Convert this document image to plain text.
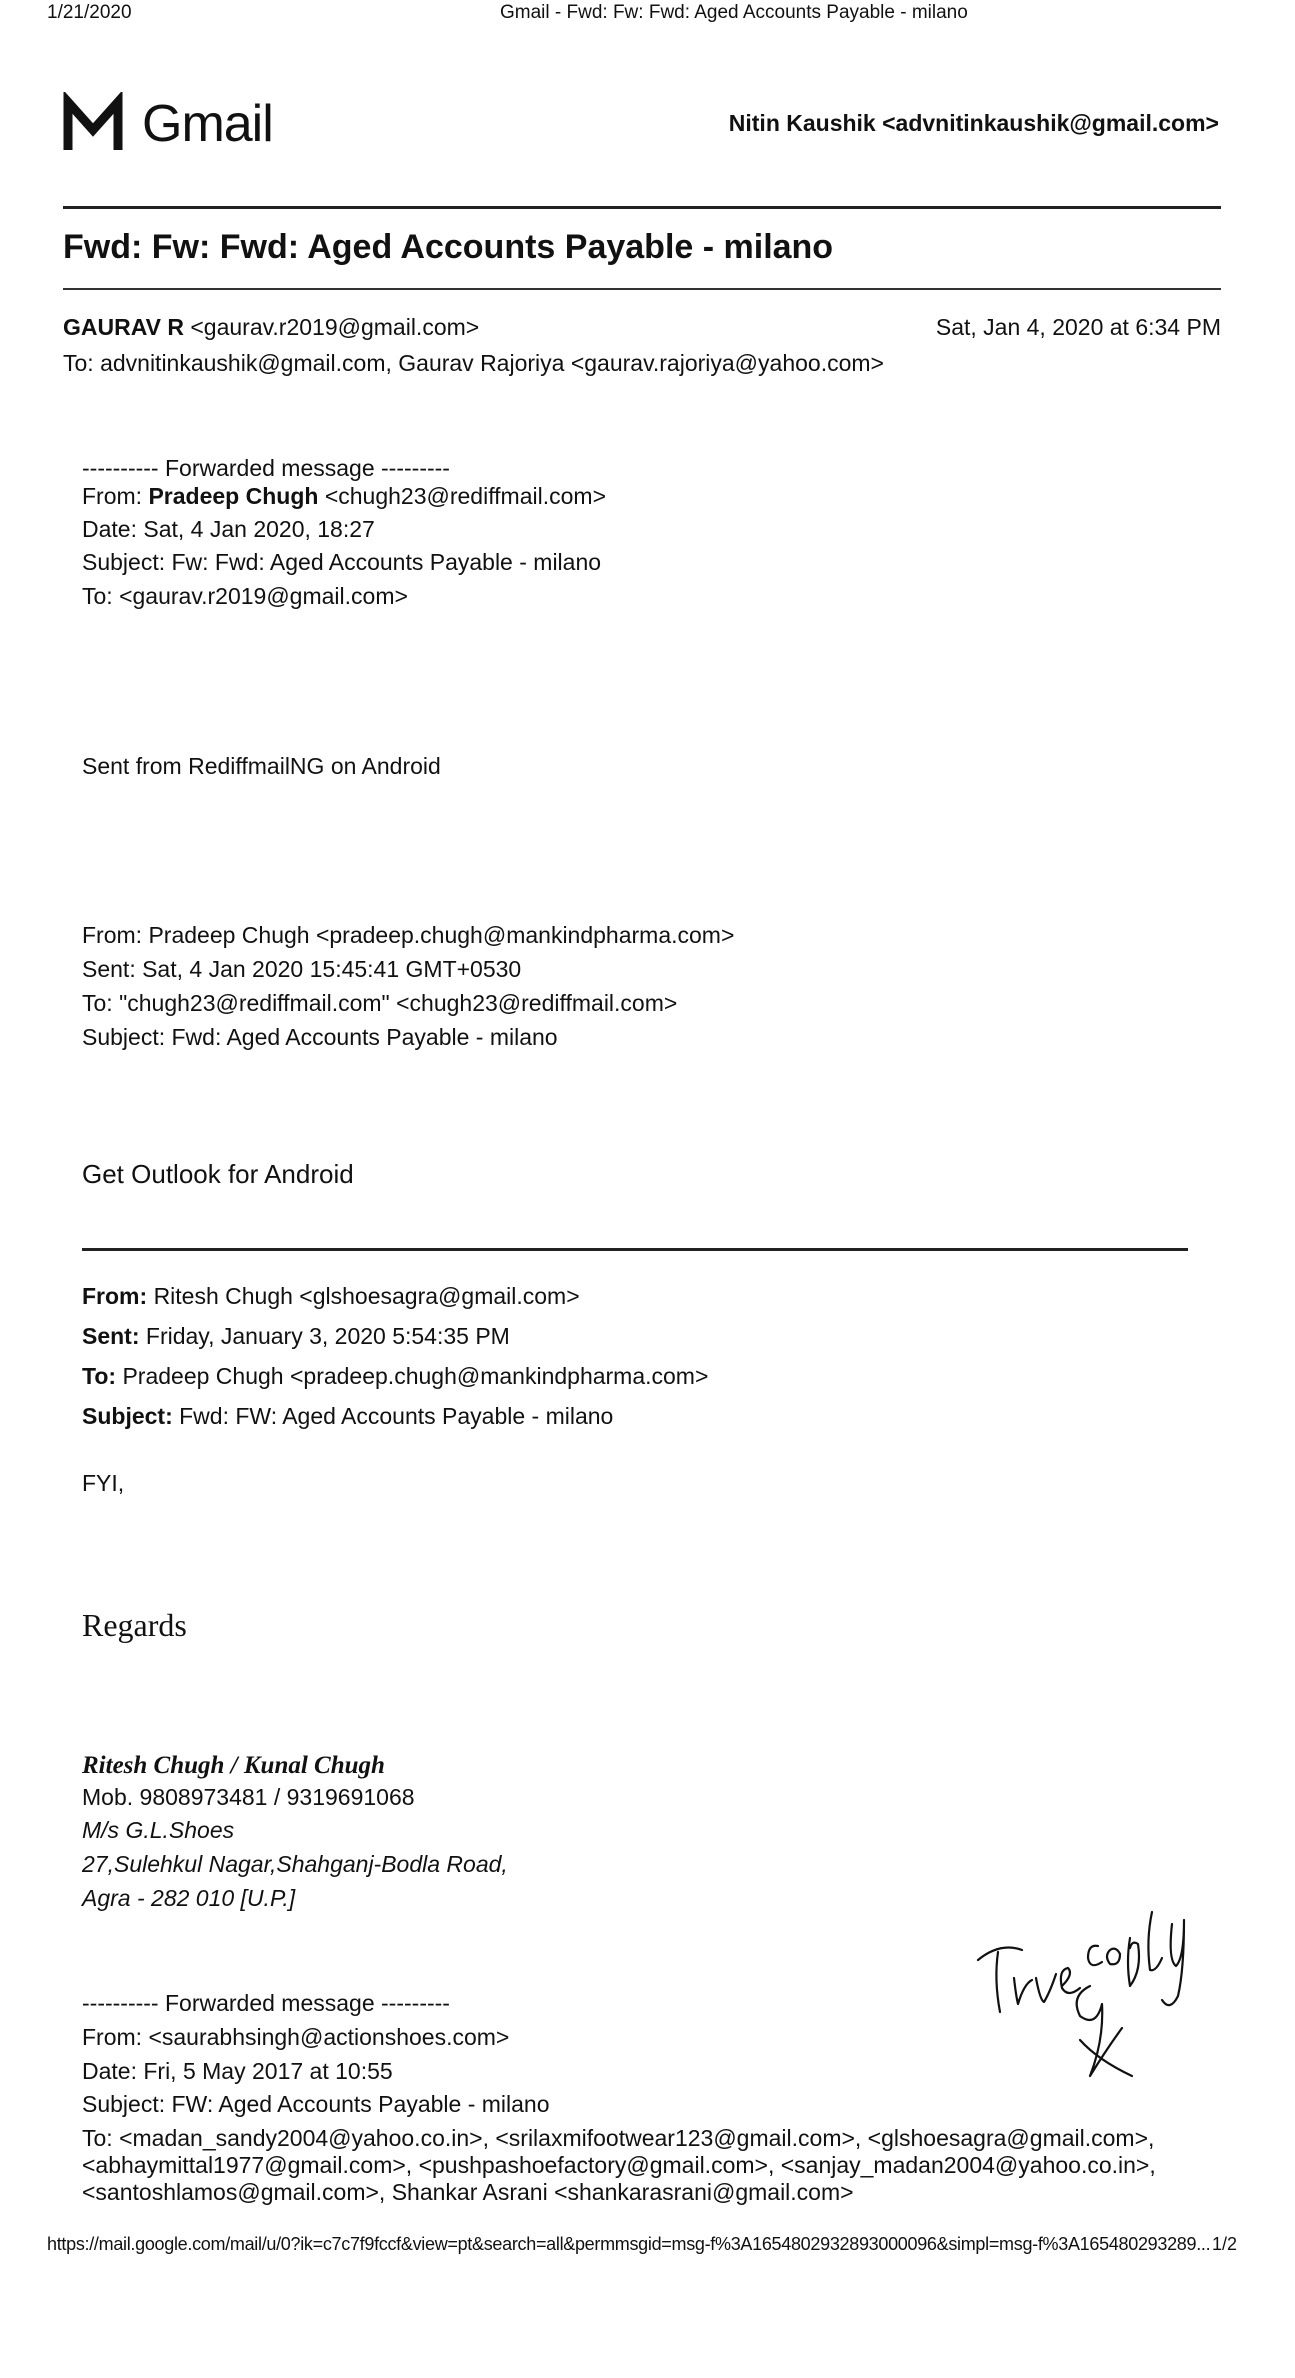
1/21/2020	Gmail - Fwd: Fw: Fwd: Aged Accounts Payable - milano
Gmail	Nitin Kaushik <advnitinkaushik@gmail.com>
Fwd: Fw: Fwd: Aged Accounts Payable - milano
GAURAV R <gaurav.r2019@gmail.com>	Sat, Jan 4, 2020 at 6:34 PM
To: advnitinkaushik@gmail.com, Gaurav Rajoriya <gaurav.rajoriya@yahoo.com>
---------- Forwarded message ---------
From: Pradeep Chugh <chugh23@rediffmail.com>
Date: Sat, 4 Jan 2020, 18:27
Subject: Fw: Fwd: Aged Accounts Payable - milano
To: <gaurav.r2019@gmail.com>
Sent from RediffmailNG on Android
From: Pradeep Chugh <pradeep.chugh@mankindpharma.com>
Sent: Sat, 4 Jan 2020 15:45:41 GMT+0530
To: "chugh23@rediffmail.com" <chugh23@rediffmail.com>
Subject: Fwd: Aged Accounts Payable - milano
Get Outlook for Android
From: Ritesh Chugh <glshoesagra@gmail.com>
Sent: Friday, January 3, 2020 5:54:35 PM
To: Pradeep Chugh <pradeep.chugh@mankindpharma.com>
Subject: Fwd: FW: Aged Accounts Payable - milano
FYI,
Regards
Ritesh Chugh / Kunal Chugh
Mob. 9808973481 / 9319691068
M/s G.L.Shoes
27,Sulehkul Nagar,Shahganj-Bodla Road,
Agra - 282 010 [U.P.]
---------- Forwarded message ---------
From: <saurabhsingh@actionshoes.com>
Date: Fri, 5 May 2017 at 10:55
Subject: FW: Aged Accounts Payable - milano
To: <madan_sandy2004@yahoo.co.in>, <srilaxmifootwear123@gmail.com>, <glshoesagra@gmail.com>,
<abhaymittal1977@gmail.com>, <pushpashoefactory@gmail.com>, <sanjay_madan2004@yahoo.co.in>,
<santoshlamos@gmail.com>, Shankar Asrani <shankarasrani@gmail.com>
https://mail.google.com/mail/u/0?ik=c7c7f9fccf&view=pt&search=all&permmsgid=msg-f%3A1654802932893000096&simpl=msg-f%3A165480293289... 1/2
